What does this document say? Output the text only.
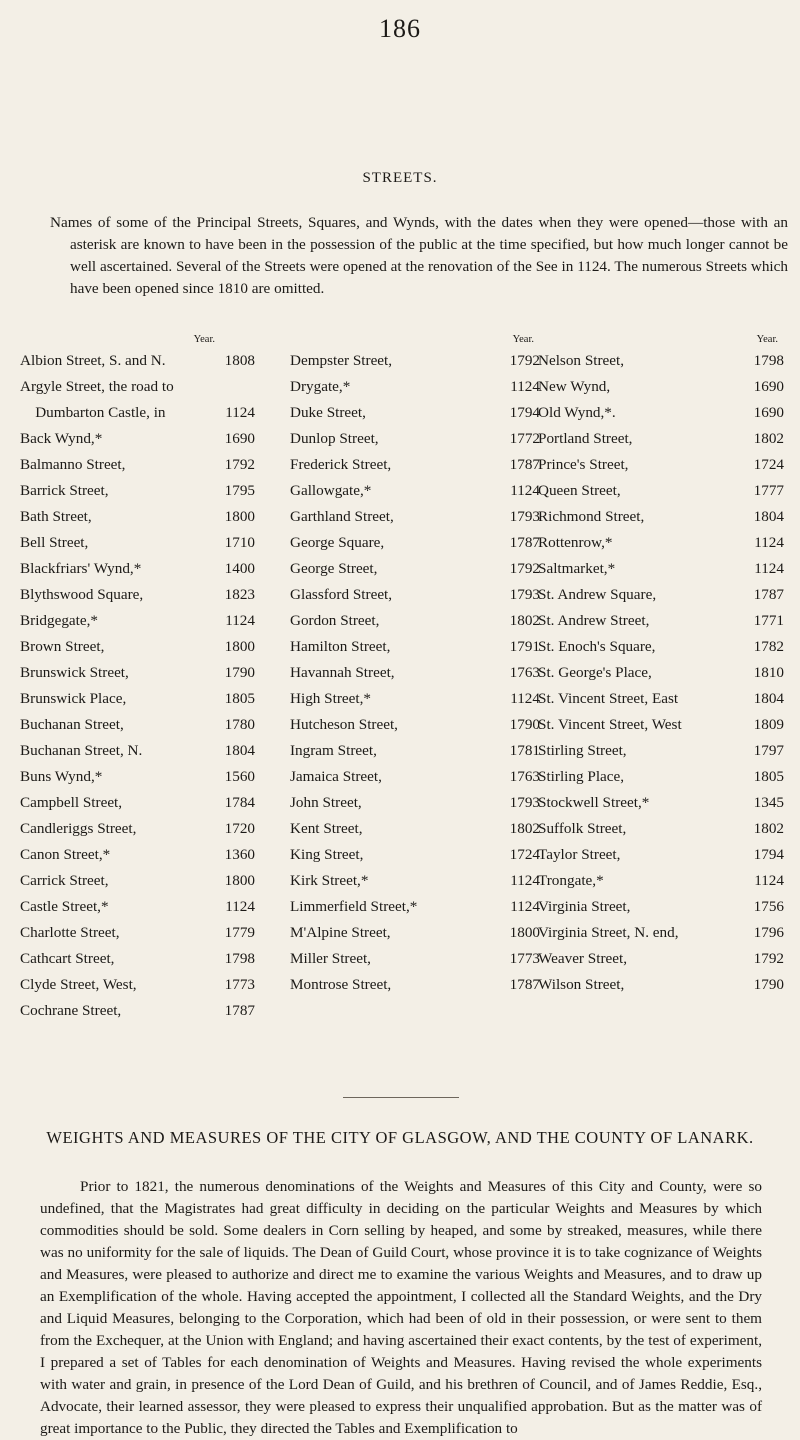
186
STREETS.

Names of some of the Principal Streets, Squares, and Wynds, with the dates when they were opened—those with an asterisk are known to have been in the possession of the public at the time specified, but how much longer cannot be well ascertained. Several of the Streets were opened at the renovation of the See in 1124. The numerous Streets which have been opened since 1810 are omitted.

Year.
Albion Street, S. and N.	1808
Argyle Street, the road to
 Dumbarton Castle, in	1124
Back Wynd,*	1690
Balmanno Street,	1792
Barrick Street,	1795
Bath Street,	1800
Bell Street,	1710
Blackfriars' Wynd,*	1400
Blythswood Square,	1823
Bridgegate,*	1124
Brown Street,	1800
Brunswick Street,	1790
Brunswick Place,	1805
Buchanan Street,	1780
Buchanan Street, N.	1804
Buns Wynd,*	1560
Campbell Street,	1784
Candleriggs Street,	1720
Canon Street,*	1360
Carrick Street,	1800
Castle Street,*	1124
Charlotte Street,	1779
Cathcart Street,	1798
Clyde Street, West,	1773
Cochrane Street,	1787
Year.
Dempster Street,	1792
Drygate,*	1124
Duke Street,	1794
Dunlop Street,	1772
Frederick Street,	1787
Gallowgate,*	1124
Garthland Street,	1793
George Square,	1787
George Street,	1792
Glassford Street,	1793
Gordon Street,	1802
Hamilton Street,	1791
Havannah Street,	1763
High Street,*	1124
Hutcheson Street,	1790
Ingram Street,	1781
Jamaica Street,	1763
John Street,	1793
Kent Street,	1802
King Street,	1724
Kirk Street,*	1124
Limmerfield Street,*	1124
M'Alpine Street,	1800
Miller Street,	1773
Montrose Street,	1787
Year.
Nelson Street,	1798
New Wynd,	1690
Old Wynd,*.	1690
Portland Street,	1802
Prince's Street,	1724
Queen Street,	1777
Richmond Street,	1804
Rottenrow,*	1124
Saltmarket,*	1124
St. Andrew Square,	1787
St. Andrew Street,	1771
St. Enoch's Square,	1782
St. George's Place,	1810
St. Vincent Street, East	1804
St. Vincent Street, West	1809
Stirling Street,	1797
Stirling Place,	1805
Stockwell Street,*	1345
Suffolk Street,	1802
Taylor Street,	1794
Trongate,*	1124
Virginia Street,	1756
Virginia Street, N. end,	1796
Weaver Street,	1792
Wilson Street,	1790
WEIGHTS AND MEASURES OF THE CITY OF GLASGOW, AND THE COUNTY OF LANARK.

Prior to 1821, the numerous denominations of the Weights and Measures of this City and County, were so undefined, that the Magistrates had great difficulty in deciding on the particular Weights and Measures by which commodities should be sold. Some dealers in Corn selling by heaped, and some by streaked, measures, while there was no uniformity for the sale of liquids. The Dean of Guild Court, whose province it is to take cognizance of Weights and Measures, were pleased to authorize and direct me to examine the various Weights and Measures, and to draw up an Exemplification of the whole. Having accepted the appointment, I collected all the Standard Weights, and the Dry and Liquid Measures, belonging to the Corporation, which had been of old in their possession, or were sent to them from the Exchequer, at the Union with England; and having ascertained their exact contents, by the test of experiment, I prepared a set of Tables for each denomination of Weights and Measures. Having revised the whole experiments with water and grain, in presence of the Lord Dean of Guild, and his brethren of Council, and of James Reddie, Esq., Advocate, their learned assessor, they were pleased to express their unqualified approbation. But as the matter was of great importance to the Public, they directed the Tables and Exemplification to
